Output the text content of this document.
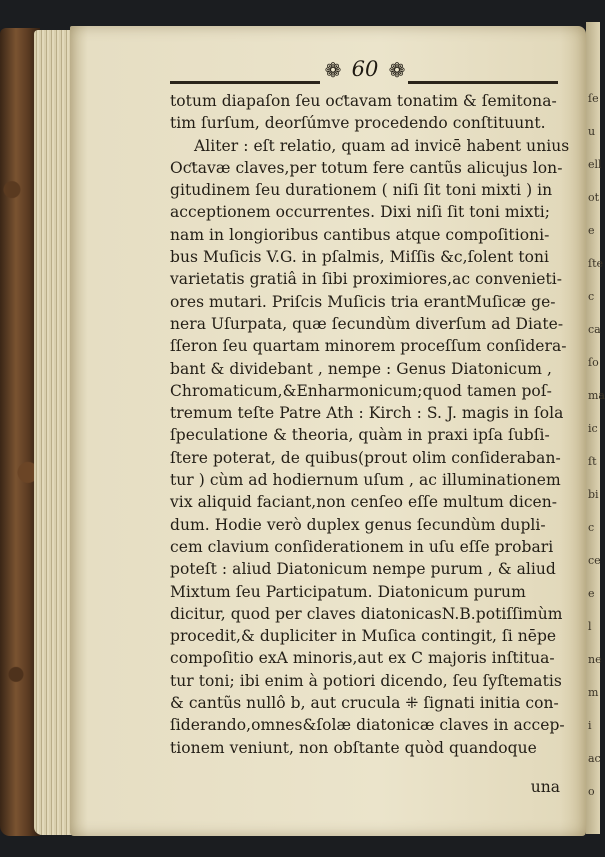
ſe
u
ell
ot
e
ſte
c
ca
ſo
ma
ic
ſt
bi
c
ce
e
l
ne
m
i
ac
o
❁ 60 ❁
totum diapaſon ſeu oƈtavam tonatim & ſemitona-
tim ſurſum, deorſúmve procedendo conſtituunt.
Aliter : eſt relatio, quam ad invicē habent unius
Oƈtavæ claves,per totum fere cantũs alicujus lon-
gitudinem ſeu durationem ( niſi ſit toni mixti ) in
acceptionem occurrentes. Dixi niſi ſit toni mixti;
nam in longioribus cantibus atque compoſitioni-
bus Muſicis V.G. in pſalmis, Miſſis &c,ſolent toni
varietatis gratiâ in ſibi proximiores,ac convenieti-
ores mutari. Priſcis Muſicis tria erantMuſicæ ge-
nera Uſurpata, quæ ſecundùm diverſum ad Diate-
ſſeron ſeu quartam minorem proceſſum conſidera-
bant & dividebant , nempe : Genus Diatonicum ,
Chromaticum,&Enharmonicum;quod tamen poſ-
tremum teſte Patre Ath : Kirch : S. J. magis in ſola
ſpeculatione & theoria, quàm in praxi ipſa ſubſi-
ſtere poterat, de quibus(prout olim conſideraban-
tur ) cùm ad hodiernum uſum , ac illuminationem
vix aliquid faciant,non cenſeo eſſe multum dicen-
dum. Hodie verò duplex genus ſecundùm dupli-
cem clavium conſiderationem in uſu eſſe probari
poteſt : aliud Diatonicum nempe purum , & aliud
Mixtum ſeu Participatum. Diatonicum purum
dicitur, quod per claves diatonicasN.B.potiſſimùm
procedit,& dupliciter in Muſica contingit, ſi nēpe
compoſitio exA minoris,aut ex C majoris inſtitua-
tur toni; ibi enim à potiori dicendo, ſeu ſyſtematis
& cantũs nullô b, aut crucula ⁜ ſignati initia con-
ſiderando,omnes&ſolæ diatonicæ claves in accep-
tionem veniunt, non obſtante quòd quandoque
una
